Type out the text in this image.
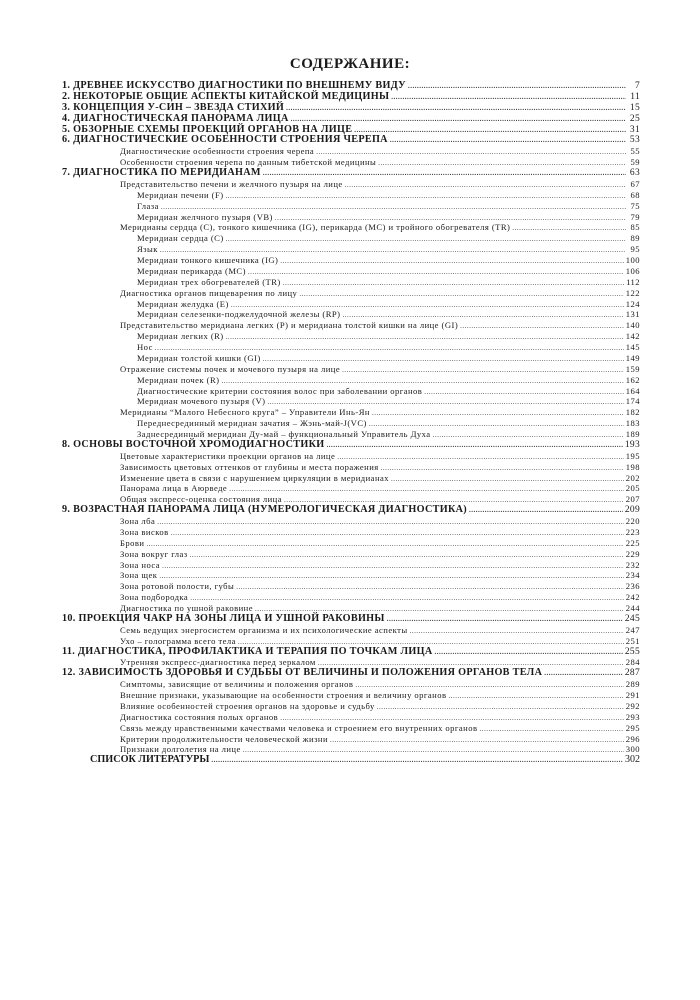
СОДЕРЖАНИЕ:
1. ДРЕВНЕЕ ИСКУССТВО ДИАГНОСТИКИ ПО ВНЕШНЕМУ ВИДУ .....	7
2. НЕКОТОРЫЕ ОБЩИЕ АСПЕКТЫ КИТАЙСКОЙ МЕДИЦИНЫ .....	11
3. КОНЦЕПЦИЯ У-СИН – ЗВЕЗДА СТИХИЙ .....	15
4. ДИАГНОСТИЧЕСКАЯ ПАНОРАМА ЛИЦА .....	25
5. ОБЗОРНЫЕ СХЕМЫ ПРОЕКЦИЙ ОРГАНОВ НА ЛИЦЕ .....	31
6. ДИАГНОСТИЧЕСКИЕ ОСОБЕННОСТИ СТРОЕНИЯ ЧЕРЕПА .....	53
Диагностические особенности строения черепа .....	55
Особенности строения черепа по данным тибетской медицины .....	59
7. ДИАГНОСТИКА ПО МЕРИДИАНАМ .....	63
Представительство печени и желчного пузыря на лице .....	67
Меридиан печени (F) .....	68
Глаза .....	75
Меридиан желчного пузыря (VB) .....	79
Меридианы сердца (С), тонкого кишечника (IG), перикарда (МС) и тройного обогревателя (TR) .....	85
Меридиан сердца (С) .....	89
Язык .....	95
Меридиан тонкого кишечника (IG) .....	100
Меридиан перикарда (МС) .....	106
Меридиан трех обогревателей (TR) .....	112
Диагностика органов пищеварения по лицу .....	122
Меридиан желудка (Е) .....	124
Меридиан селезенки-поджелудочной железы (RP) .....	131
Представительство меридиана легких (Р) и меридиана толстой кишки на лице (GI) .....	140
Меридиан легких (R) .....	142
Нос .....	145
Меридиан толстой кишки (GI) .....	149
Отражение системы почек и мочевого пузыря на лице .....	159
Меридиан почек (R) .....	162
Диагностические критерии состояния волос при заболевании органов .....	164
Меридиан мочевого пузыря (V) .....	174
Меридианы “Малого Небесного круга” – Управители Инь-Ян .....	182
Переднесрединный меридиан зачатия – Жэнь-май-J(VC) .....	183
Заднесрединный меридиан Ду-май – функциональный Управитель Духа .....	189
8. ОСНОВЫ ВОСТОЧНОЙ ХРОМОДИАГНОСТИКИ .....	193
Цветовые характеристики проекции органов на лице .....	195
Зависимость цветовых оттенков от глубины и места поражения .....	198
Изменение цвета в связи с нарушением циркуляции в меридианах .....	202
Панорама лица в Аюрведе .....	205
Общая экспресс-оценка состояния лица .....	207
9. ВОЗРАСТНАЯ ПАНОРАМА ЛИЦА (НУМЕРОЛОГИЧЕСКАЯ ДИАГНОСТИКА) .....	209
Зона лба .....	220
Зона висков .....	223
Брови .....	225
Зона вокруг глаз .....	229
Зона носа .....	232
Зона щек .....	234
Зона ротовой полости, губы .....	236
Зона подбородка .....	242
Диагностика по ушной раковине .....	244
10. ПРОЕКЦИЯ ЧАКР НА ЗОНЫ ЛИЦА И УШНОЙ РАКОВИНЫ .....	245
Семь ведущих энергосистем организма и их психологические аспекты .....	247
Ухо – голограмма всего тела .....	251
11. ДИАГНОСТИКА, ПРОФИЛАКТИКА И ТЕРАПИЯ ПО ТОЧКАМ ЛИЦА .....	255
Утренняя экспресс-диагностика перед зеркалом .....	284
12. ЗАВИСИМОСТЬ ЗДОРОВЬЯ И СУДЬБЫ ОТ ВЕЛИЧИНЫ И ПОЛОЖЕНИЯ ОРГАНОВ ТЕЛА .....	287
Симптомы, зависящие от величины и положения органов .....	289
Внешние признаки, указывающие на особенности строения и величину органов .....	291
Влияние особенностей строения органов на здоровье и судьбу .....	292
Диагностика состояния полых органов .....	293
Связь между нравственными качествами человека и строением его внутренних органов .....	295
Критерии продолжительности человеческой жизни .....	296
Признаки долголетия на лице .....	300
СПИСОК ЛИТЕРАТУРЫ .....	302
